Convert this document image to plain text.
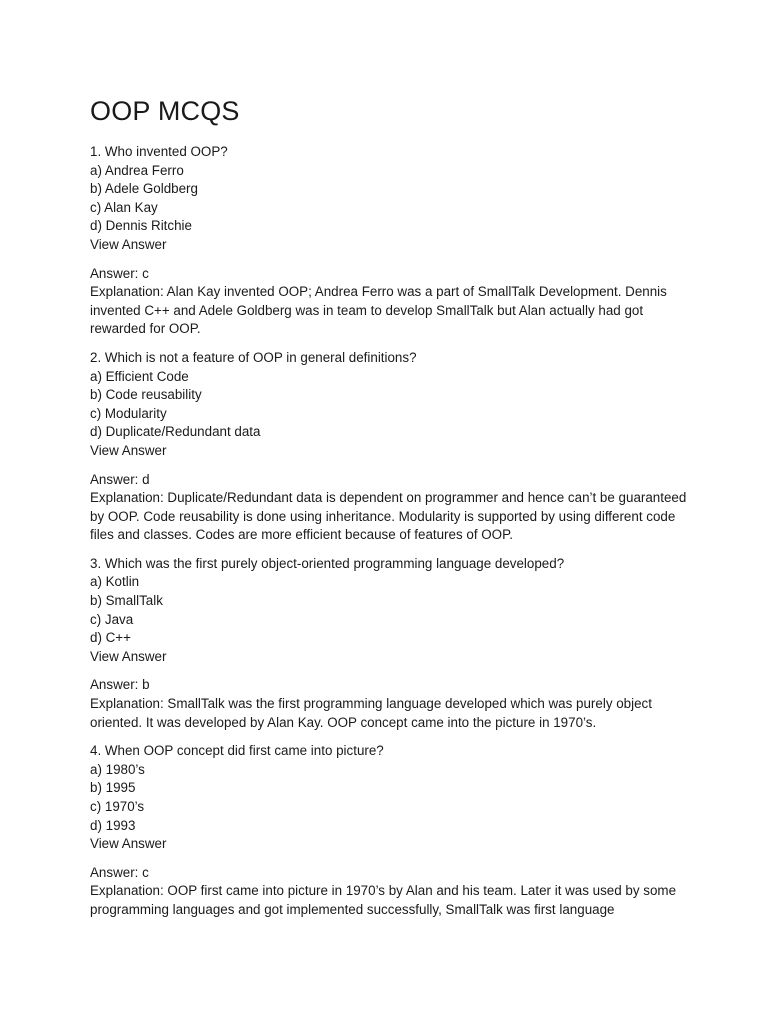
OOP MCQS
1. Who invented OOP?
a) Andrea Ferro
b) Adele Goldberg
c) Alan Kay
d) Dennis Ritchie
View Answer
Answer: c
Explanation: Alan Kay invented OOP; Andrea Ferro was a part of SmallTalk Development. Dennis invented C++ and Adele Goldberg was in team to develop SmallTalk but Alan actually had got rewarded for OOP.
2. Which is not a feature of OOP in general definitions?
a) Efficient Code
b) Code reusability
c) Modularity
d) Duplicate/Redundant data
View Answer
Answer: d
Explanation: Duplicate/Redundant data is dependent on programmer and hence can’t be guaranteed by OOP. Code reusability is done using inheritance. Modularity is supported by using different code files and classes. Codes are more efficient because of features of OOP.
3. Which was the first purely object-oriented programming language developed?
a) Kotlin
b) SmallTalk
c) Java
d) C++
View Answer
Answer: b
Explanation: SmallTalk was the first programming language developed which was purely object oriented. It was developed by Alan Kay. OOP concept came into the picture in 1970’s.
4. When OOP concept did first came into picture?
a) 1980’s
b) 1995
c) 1970’s
d) 1993
View Answer
Answer: c
Explanation: OOP first came into picture in 1970’s by Alan and his team. Later it was used by some programming languages and got implemented successfully, SmallTalk was first language
